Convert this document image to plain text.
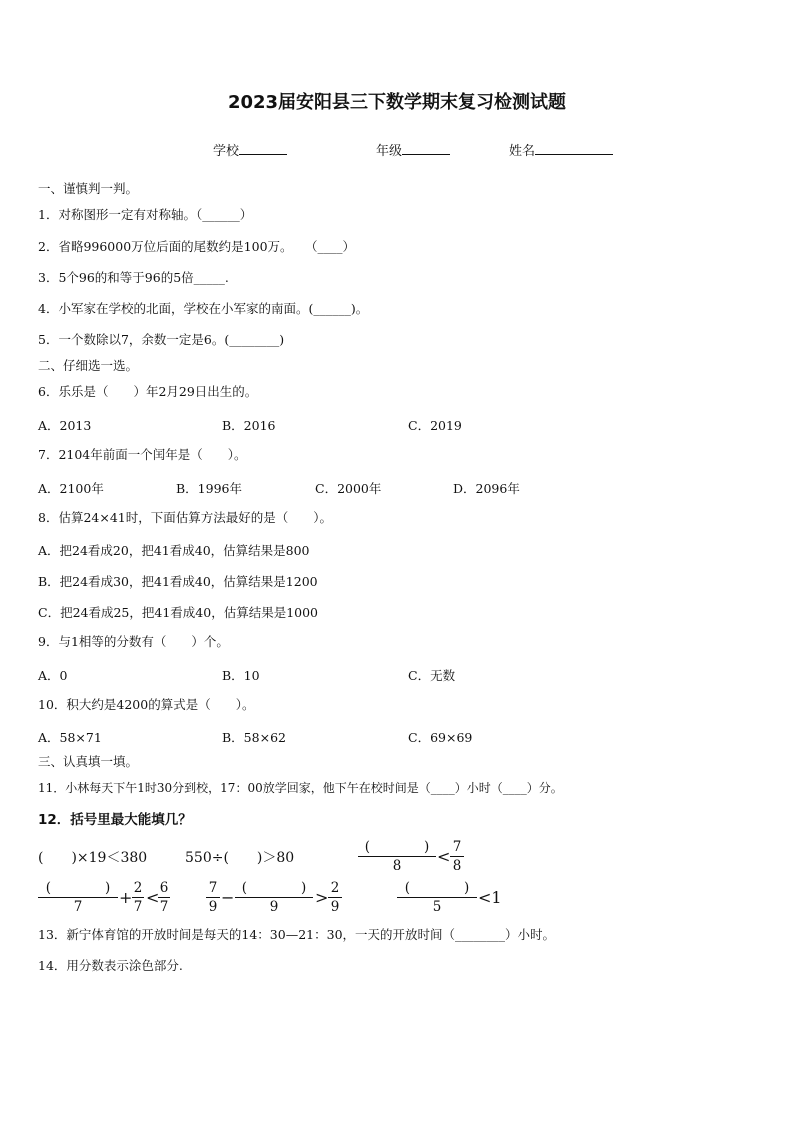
2023届安阳县三下数学期末复习检测试题
学校	年级	姓名
一、谨慎判一判。
1．对称图形一定有对称轴。（______）
2．省略996000万位后面的尾数约是100万。　　（____）
3．5个96的和等于96的5倍_____.
4．小军家在学校的北面，学校在小军家的南面。(______)。
5．一个数除以7，余数一定是6。(________)
二、仔细选一选。
6．乐乐是（　　）年2月29日出生的。
A．2013	B．2016	C．2019
7．2104年前面一个闰年是（　　）。
A．2100年	B．1996年	C．2000年	D．2096年
8．估算24×41时，下面估算方法最好的是（　　）。
A．把24看成20，把41看成40，估算结果是800
B．把24看成30，把41看成40，估算结果是1200
C．把24看成25，把41看成40，估算结果是1000
9．与1相等的分数有（　　）个。
A．0	B．10	C．无数
10．积大约是4200的算式是（　　）。
A．58×71	B．58×62	C．69×69
三、认真填一填。
11．小林每天下午1时30分到校，17：00放学回家，他下午在校时间是（____）小时（____）分。
12．括号里最大能填几？
(　　)×19＜380	550÷(　　)＞80
(　　　　)
8	< 7
8
(　　　　)
7	+ 2
7 < 6
7
7
9 − (　　　　)
9	> 2
9
(　　　　)
5	<1
13．新宁体育馆的开放时间是每天的14：30—21：30，一天的开放时间（________）小时。
14．用分数表示涂色部分.
